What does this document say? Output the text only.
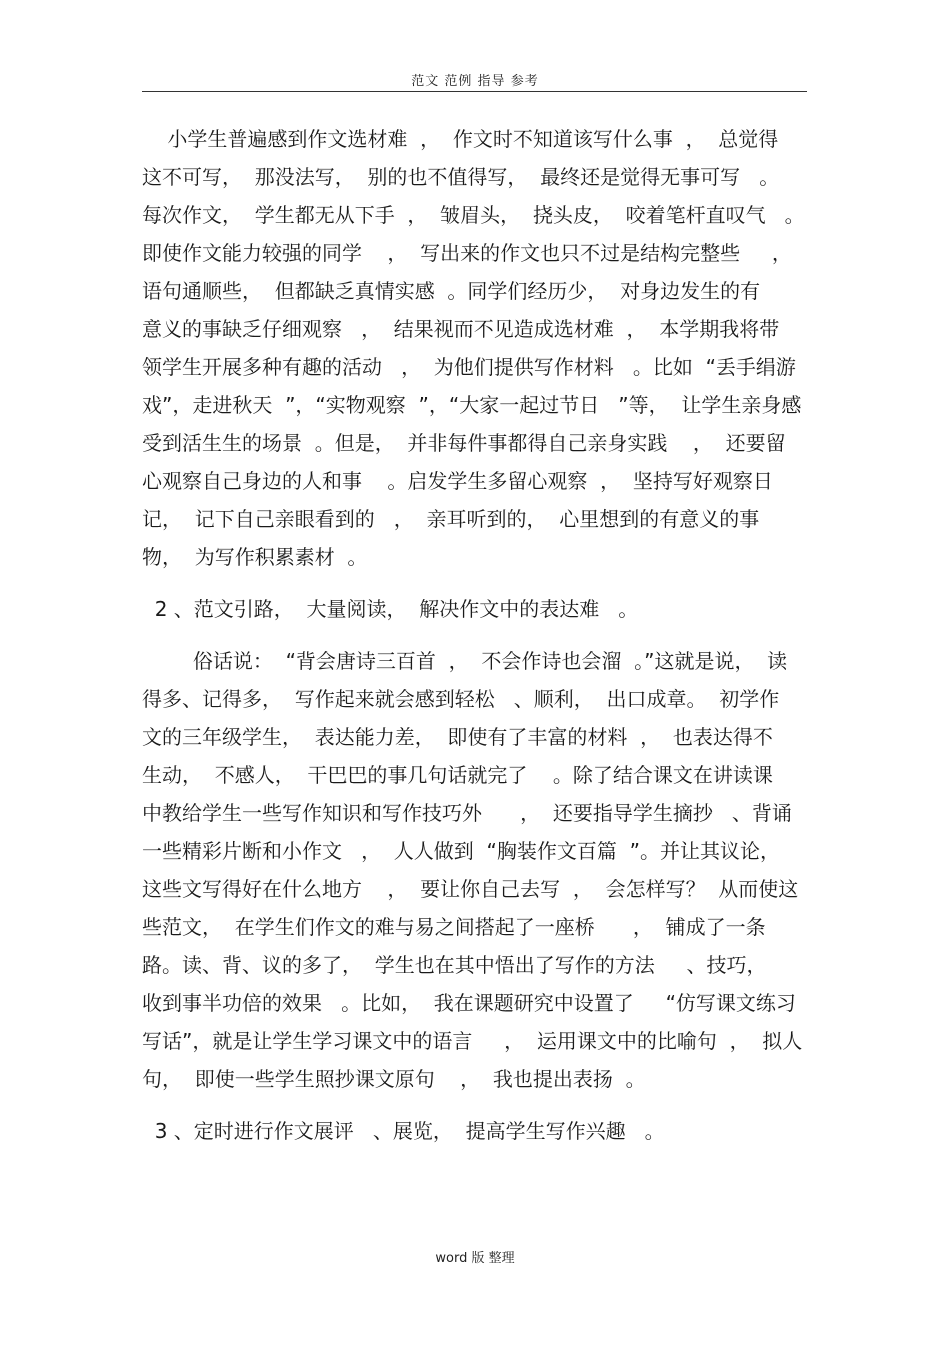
范文 范例 指导 参考
小学生普遍感到作文选材难  ，  作文时不知道该写什么事  ，  总觉得
这不可写，  那没法写，  别的也不值得写，  最终还是觉得无事可写   。
每次作文，  学生都无从下手  ，  皱眉头，  挠头皮，  咬着笔杆直叹气   。
即使作文能力较强的同学    ，  写出来的作文也只不过是结构完整些     ，
语句通顺些，  但都缺乏真情实感  。同学们经历少，  对身边发生的有
意义的事缺乏仔细观察   ，  结果视而不见造成选材难  ，  本学期我将带
领学生开展多种有趣的活动   ，  为他们提供写作材料   。比如  “丢手绢游
戏”，走进秋天  ”，“实物观察  ”，“大家一起过节日   ”等，  让学生亲身感
受到活生生的场景  。但是，  并非每件事都得自己亲身实践    ，  还要留
心观察自己身边的人和事    。启发学生多留心观察  ，  坚持写好观察日
记，  记下自己亲眼看到的   ，  亲耳听到的，  心里想到的有意义的事
物，  为写作积累素材  。
2 、范文引路，  大量阅读，  解决作文中的表达难   。
俗话说：  “背会唐诗三百首  ，  不会作诗也会溜  。”这就是说，  读
得多、记得多，  写作起来就会感到轻松   、顺利，  出口成章。  初学作
文的三年级学生，  表达能力差，  即使有了丰富的材料  ，  也表达得不
生动，  不感人，  干巴巴的事几句话就完了    。除了结合课文在讲读课
中教给学生一些写作知识和写作技巧外      ，  还要指导学生摘抄   、背诵
一些精彩片断和小作文   ，  人人做到  “胸装作文百篇  ”。并让其议论，
这些文写得好在什么地方    ，  要让你自己去写  ，  会怎样写？  从而使这
些范文，  在学生们作文的难与易之间搭起了一座桥      ，  铺成了一条
路。读、背、议的多了，  学生也在其中悟出了写作的方法     、技巧，
收到事半功倍的效果   。比如，  我在课题研究中设置了     “仿写课文练习
写话”，就是让学生学习课文中的语言     ，  运用课文中的比喻句  ，  拟人
句，  即使一些学生照抄课文原句    ，  我也提出表扬  。
3 、定时进行作文展评   、展览，  提高学生写作兴趣   。
word 版 整理
